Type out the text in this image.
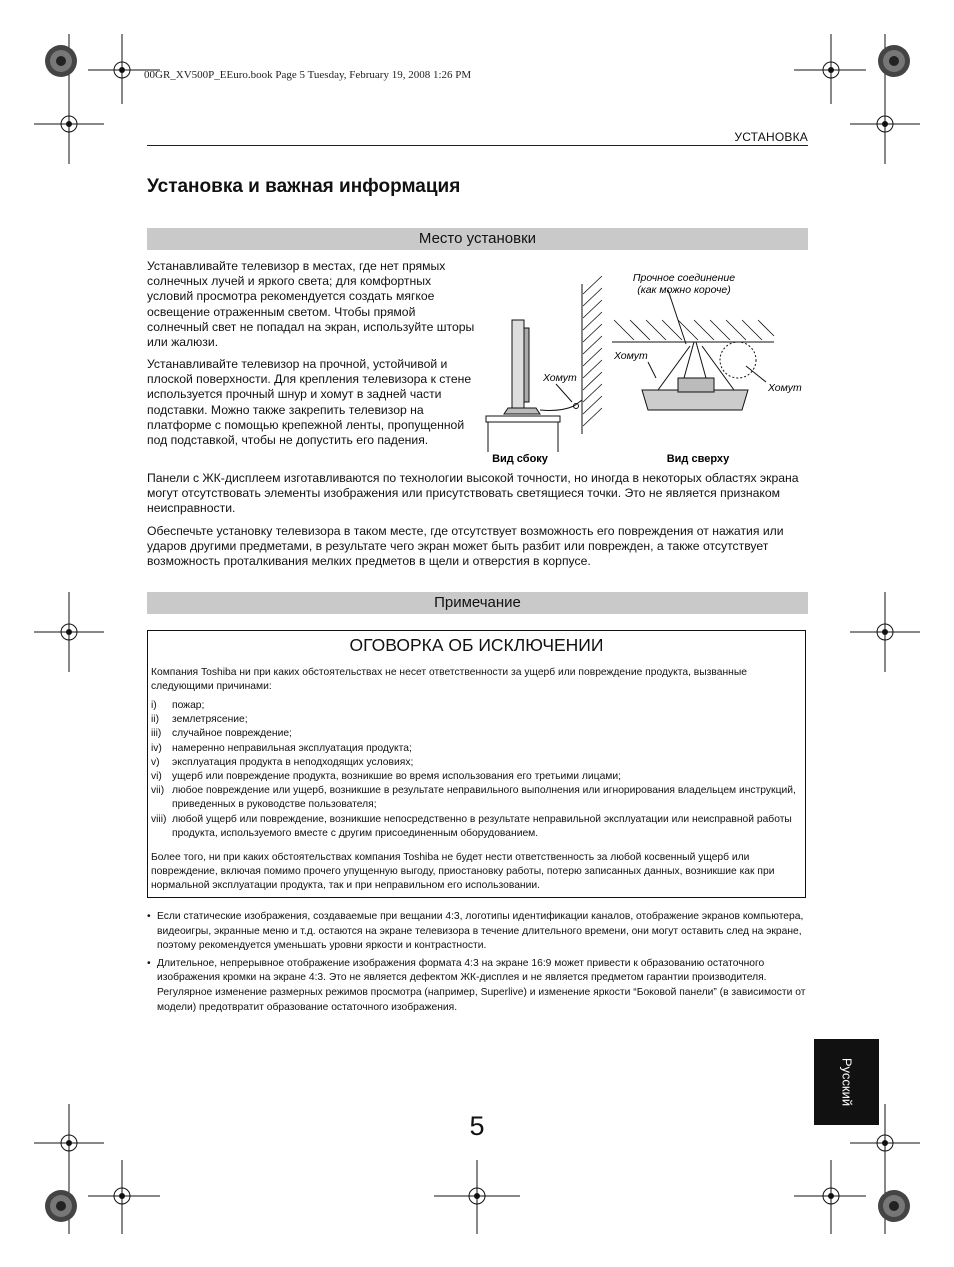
00GR_XV500P_EEuro.book Page 5 Tuesday, February 19, 2008 1:26 PM
УСТАНОВКА
Установка и важная информация
Место установки

Устанавливайте телевизор в местах, где нет прямых солнечных лучей и яркого света; для комфортных условий просмотра рекомендуется создать мягкое освещение отраженным светом. Чтобы прямой солнечный свет не попадал на экран, используйте шторы или жалюзи.

Устанавливайте телевизор на прочной, устойчивой и плоской поверхности. Для крепления телевизора к стене используется прочный шнур и хомут в задней части подставки. Можно также закрепить телевизор на платформе с помощью крепежной ленты, пропущенной под подставкой, чтобы не допустить его падения.

Панели с ЖК-дисплеем изготавливаются по технологии высокой точности, но иногда в некоторых областях экрана могут отсутствовать элементы изображения или присутствовать светящиеся точки. Это не является признаком неисправности.

Обеспечьте установку телевизора в таком месте, где отсутствует возможность его повреждения от нажатия или ударов другими предметами, в результате чего экран может быть разбит или поврежден, а также отсутствует возможность проталкивания мелких предметов в щели и отверстия в корпусе.

Прочное соединение
(как можно короче)
Хомут
Хомут
Хомут
Вид сбоку	Вид сверху
Примечание
ОГОВОРКА ОБ ИСКЛЮЧЕНИИ

Компания Toshiba ни при каких обстоятельствах не несет ответственности за ущерб или повреждение продукта, вызванные следующими причинами:

i)	пожар;
ii)	землетрясение;
iii)	случайное повреждение;
iv) намеренно неправильная эксплуатация продукта;
v)	эксплуатация продукта в неподходящих условиях;
vi) ущерб или повреждение продукта, возникшие во время использования его третьими лицами;
vii) любое повреждение или ущерб, возникшие в результате неправильного выполнения или игнорирования владельцем инструкций, приведенных в руководстве пользователя;
viii) любой ущерб или повреждение, возникшие непосредственно в результате неправильной эксплуатации или неисправной работы продукта, используемого вместе с другим присоединенным оборудованием.

Более того, ни при каких обстоятельствах компания Toshiba не будет нести ответственность за любой косвенный ущерб или повреждение, включая помимо прочего упущенную выгоду, приостановку работы, потерю записанных данных, возникшие как при нормальной эксплуатации продукта, так и при неправильном его использовании.

• Если статические изображения, создаваемые при вещании 4:3, логотипы идентификации каналов, отображение экранов компьютера, видеоигры, экранные меню и т.д. остаются на экране телевизора в течение длительного времени, они могут оставить след на экране, поэтому рекомендуется уменьшать уровни яркости и контрастности.
• Длительное, непрерывное отображение изображения формата 4:3 на экране 16:9 может привести к образованию остаточного изображения кромки на экране 4:3. Это не является дефектом ЖК-дисплея и не является предметом гарантии производителя. Регулярное изменение размерных режимов просмотра (например, Superlive) и изменение яркости “Боковой панели” (в зависимости от модели) предотвратит образование остаточного изображения.
Русский
5
